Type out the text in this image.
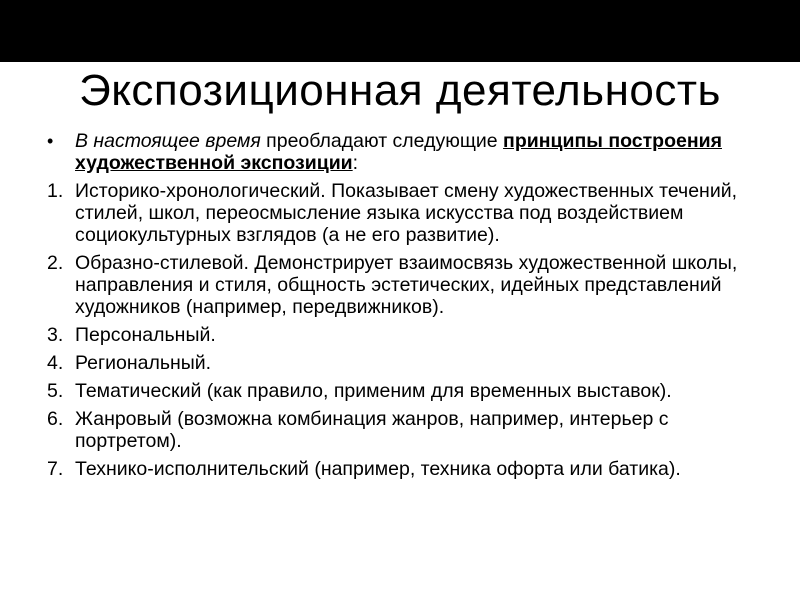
Экспозиционная деятельность
• В настоящее время преобладают следующие принципы построения художественной экспозиции:
1. Историко-хронологический. Показывает смену художественных течений, стилей, школ, переосмысление языка искусства под воздействием социокультурных взглядов (а не его развитие).
2. Образно-стилевой. Демонстрирует взаимосвязь художественной школы, направления и стиля, общность эстетических, идейных представлений художников (например, передвижников).
3. Персональный.
4. Региональный.
5. Тематический (как правило, применим для временных выставок).
6. Жанровый (возможна комбинация жанров, например, интерьер с портретом).
7. Технико-исполнительский (например, техника офорта или батика).
